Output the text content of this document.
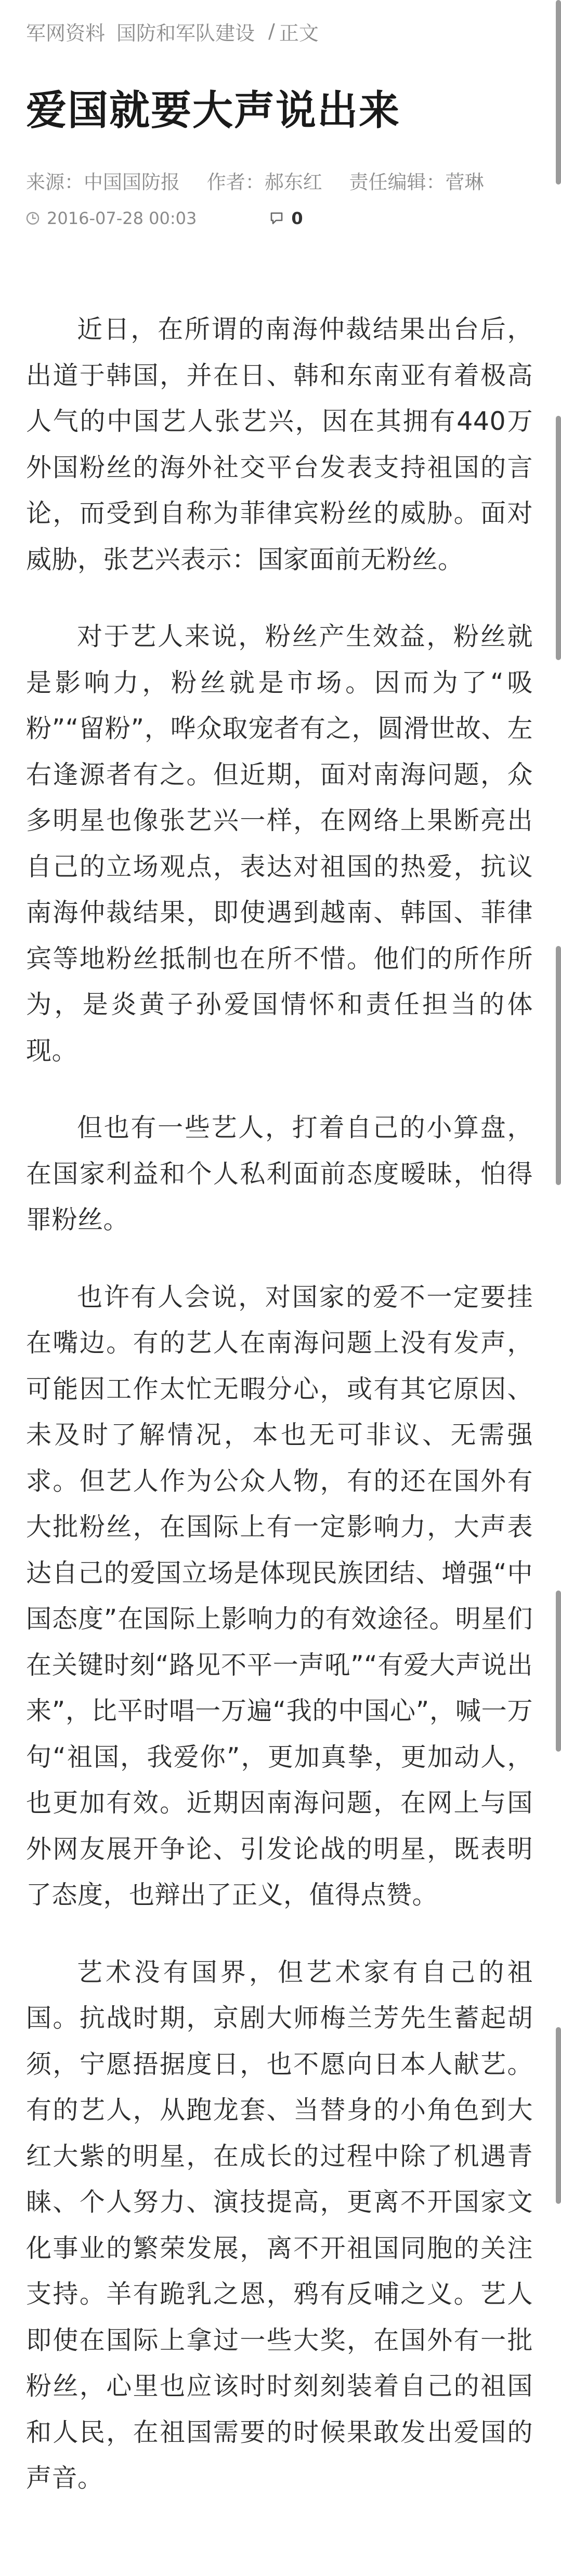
军网资料 国防和军队建设 / 正文
爱国就要大声说出来
来源：中国国防报 作者：郝东红 责任编辑：菅琳
2016-07-28 00:03	0

近日，在所谓的南海仲裁结果出台后，出道于韩国，并在日、韩和东南亚有着极高人气的中国艺人张艺兴，因在其拥有440万外国粉丝的海外社交平台发表支持祖国的言论，而受到自称为菲律宾粉丝的威胁。面对威胁，张艺兴表示：国家面前无粉丝。

对于艺人来说，粉丝产生效益，粉丝就是影响力，粉丝就是市场。因而为了“吸粉”“留粉”，哗众取宠者有之，圆滑世故、左右逢源者有之。但近期，面对南海问题，众多明星也像张艺兴一样，在网络上果断亮出自己的立场观点，表达对祖国的热爱，抗议南海仲裁结果，即使遇到越南、韩国、菲律宾等地粉丝抵制也在所不惜。他们的所作所为，是炎黄子孙爱国情怀和责任担当的体现。

但也有一些艺人，打着自己的小算盘，在国家利益和个人私利面前态度暧昧，怕得罪粉丝。

也许有人会说，对国家的爱不一定要挂在嘴边。有的艺人在南海问题上没有发声，可能因工作太忙无暇分心，或有其它原因、未及时了解情况，本也无可非议、无需强求。但艺人作为公众人物，有的还在国外有大批粉丝，在国际上有一定影响力，大声表达自己的爱国立场是体现民族团结、增强“中国态度”在国际上影响力的有效途径。明星们在关键时刻“路见不平一声吼”“有爱大声说出来”，比平时唱一万遍“我的中国心”，喊一万句“祖国，我爱你”，更加真挚，更加动人，也更加有效。近期因南海问题，在网上与国外网友展开争论、引发论战的明星，既表明了态度，也辩出了正义，值得点赞。

艺术没有国界，但艺术家有自己的祖国。抗战时期，京剧大师梅兰芳先生蓄起胡须，宁愿捂据度日，也不愿向日本人献艺。有的艺人，从跑龙套、当替身的小角色到大红大紫的明星，在成长的过程中除了机遇青睐、个人努力、演技提高，更离不开国家文化事业的繁荣发展，离不开祖国同胞的关注支持。羊有跪乳之恩，鸦有反哺之义。艺人即使在国际上拿过一些大奖，在国外有一批粉丝，心里也应该时时刻刻装着自己的祖国和人民，在祖国需要的时候果敢发出爱国的声音。
